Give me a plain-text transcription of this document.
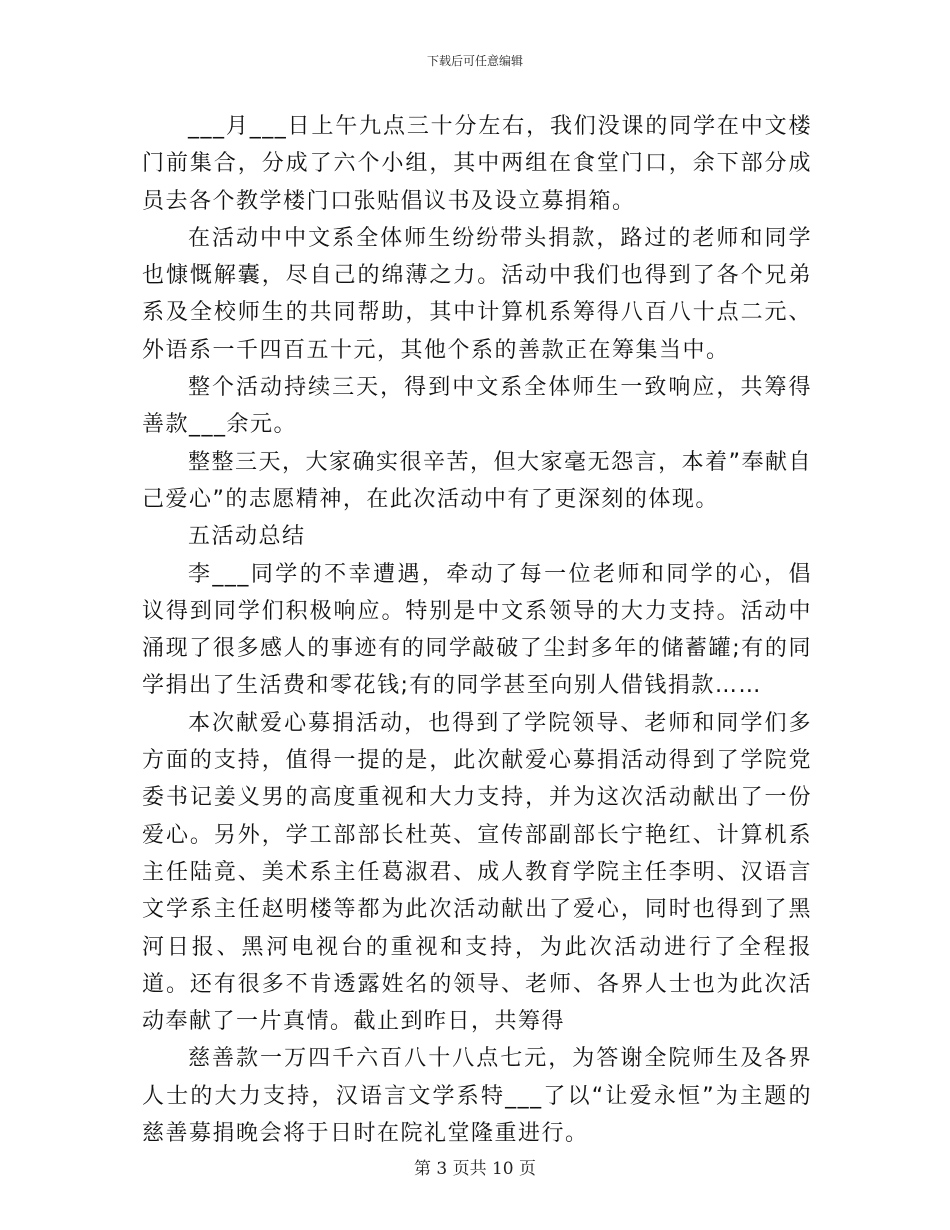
下载后可任意编辑

___月___日上午九点三十分左右，我们没课的同学在中文楼门前集合，分成了六个小组，其中两组在食堂门口，余下部分成员去各个教学楼门口张贴倡议书及设立募捐箱。

在活动中中文系全体师生纷纷带头捐款，路过的老师和同学也慷慨解囊，尽自己的绵薄之力。活动中我们也得到了各个兄弟系及全校师生的共同帮助，其中计算机系筹得八百八十点二元、外语系一千四百五十元，其他个系的善款正在筹集当中。

整个活动持续三天，得到中文系全体师生一致响应，共筹得善款___余元。

整整三天，大家确实很辛苦，但大家毫无怨言，本着”奉献自己爱心”的志愿精神，在此次活动中有了更深刻的体现。

五活动总结

李___同学的不幸遭遇，牵动了每一位老师和同学的心，倡议得到同学们积极响应。特别是中文系领导的大力支持。活动中涌现了很多感人的事迹有的同学敲破了尘封多年的储蓄罐;有的同学捐出了生活费和零花钱;有的同学甚至向别人借钱捐款……

本次献爱心募捐活动，也得到了学院领导、老师和同学们多方面的支持，值得一提的是，此次献爱心募捐活动得到了学院党委书记姜义男的高度重视和大力支持，并为这次活动献出了一份爱心。另外，学工部部长杜英、宣传部副部长宁艳红、计算机系主任陆竟、美术系主任葛淑君、成人教育学院主任李明、汉语言文学系主任赵明楼等都为此次活动献出了爱心，同时也得到了黑河日报、黑河电视台的重视和支持，为此次活动进行了全程报道。还有很多不肯透露姓名的领导、老师、各界人士也为此次活动奉献了一片真情。截止到昨日，共筹得

慈善款一万四千六百八十八点七元，为答谢全院师生及各界人士的大力支持，汉语言文学系特___了以“让爱永恒”为主题的慈善募捐晚会将于日时在院礼堂隆重进行。

第 3 页共 10 页
